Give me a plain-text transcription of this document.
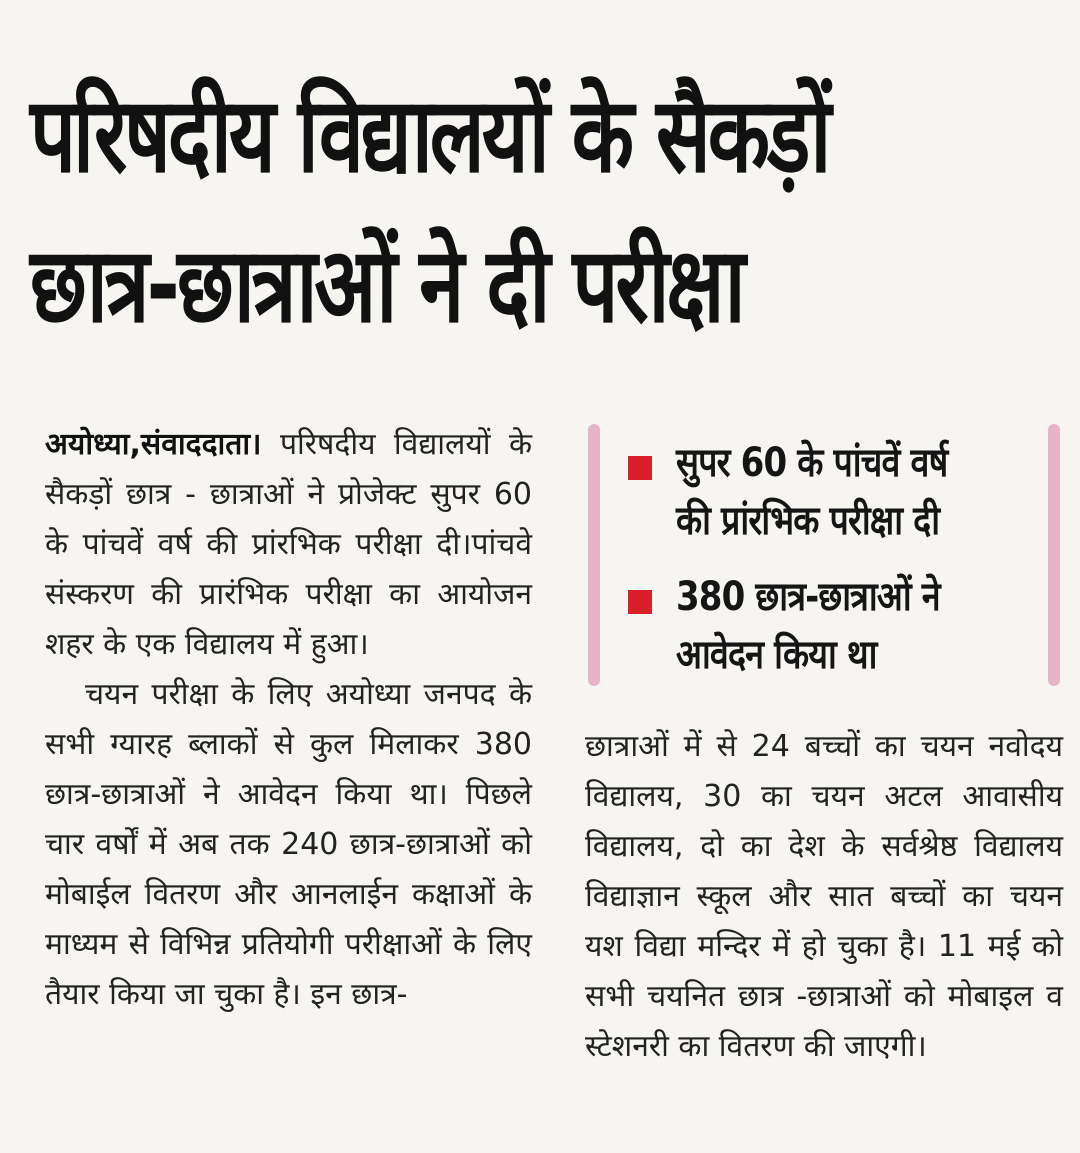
परिषदीय विद्यालयों के सैकड़ों
छात्र-छात्राओं ने दी परीक्षा

अयोध्या,संवाददाता। परिषदीय विद्यालयों के सैकड़ों छात्र - छात्राओं ने प्रोजेक्ट सुपर 60 के पांचवें वर्ष की प्रांरभिक परीक्षा दी।पांचवे संस्करण की प्रारंभिक परीक्षा का आयोजन शहर के एक विद्यालय में हुआ।

चयन परीक्षा के लिए अयोध्या जनपद के सभी ग्यारह ब्लाकों से कुल मिलाकर 380 छात्र-छात्राओं ने आवेदन किया था। पिछले चार वर्षों में अब तक 240 छात्र-छात्राओं को मोबाईल वितरण और आनलाईन कक्षाओं के माध्यम से विभिन्न प्रतियोगी परीक्षाओं के लिए तैयार किया जा चुका है। इन छात्र-

सुपर 60 के पांचवें वर्ष
की प्रांरभिक परीक्षा दी
380 छात्र-छात्राओं ने
आवेदन किया था

छात्राओं में से 24 बच्चों का चयन नवोदय विद्यालय, 30 का चयन अटल आवासीय विद्यालय, दो का देश के सर्वश्रेष्ठ विद्यालय विद्याज्ञान स्कूल और सात बच्चों का चयन यश विद्या मन्दिर में हो चुका है। 11 मई को सभी चयनित छात्र -छात्राओं को मोबाइल व स्टेशनरी का वितरण की जाएगी।
